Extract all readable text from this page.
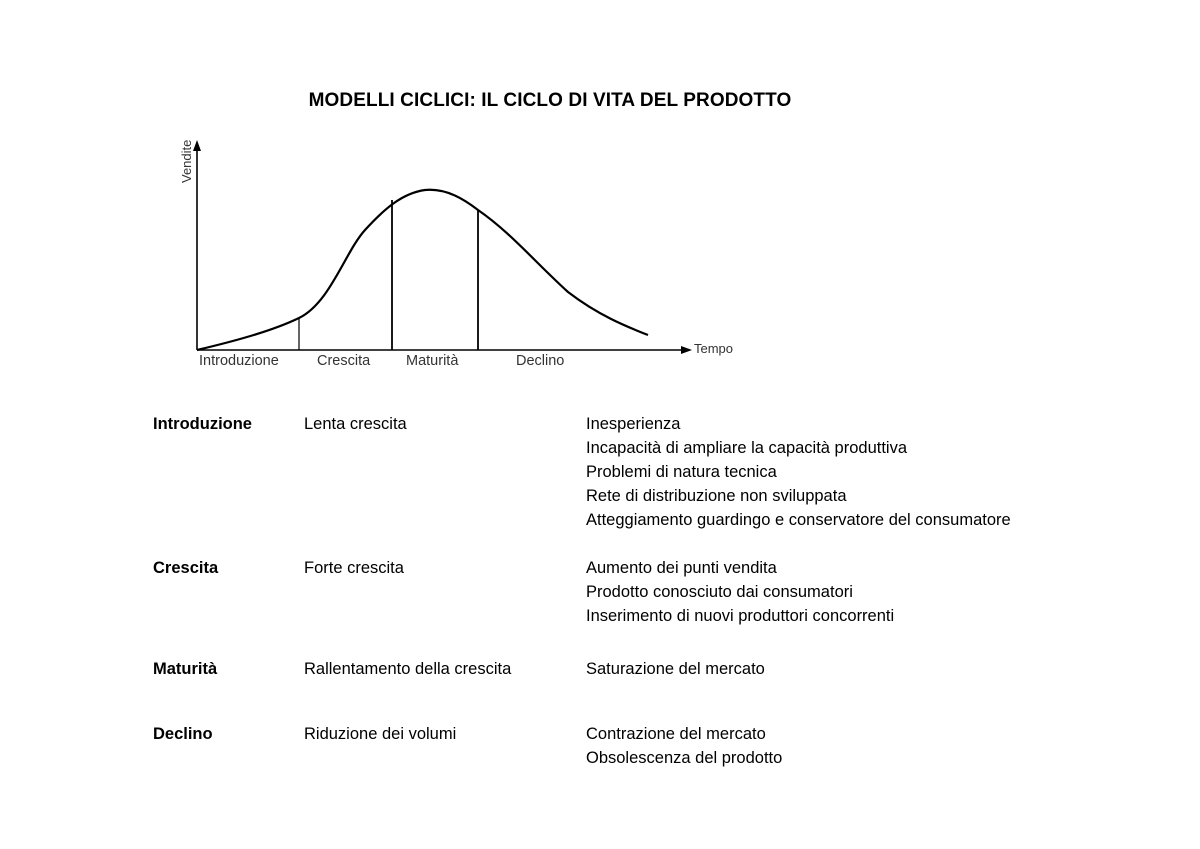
MODELLI CICLICI: IL CICLO DI VITA DEL PRODOTTO
Vendite
Tempo
Introduzione	Crescita Maturità	Declino
Introduzione	Lenta crescita	Inesperienza
Incapacità di ampliare la capacità produttiva
Problemi di natura tecnica
Rete di distribuzione non sviluppata
Atteggiamento guardingo e conservatore del consumatore
Crescita	Forte crescita	Aumento dei punti vendita
Prodotto conosciuto dai consumatori
Inserimento di nuovi produttori concorrenti
Maturità	Rallentamento della crescita	Saturazione del mercato
Declino	Riduzione dei volumi	Contrazione del mercato
Obsolescenza del prodotto
